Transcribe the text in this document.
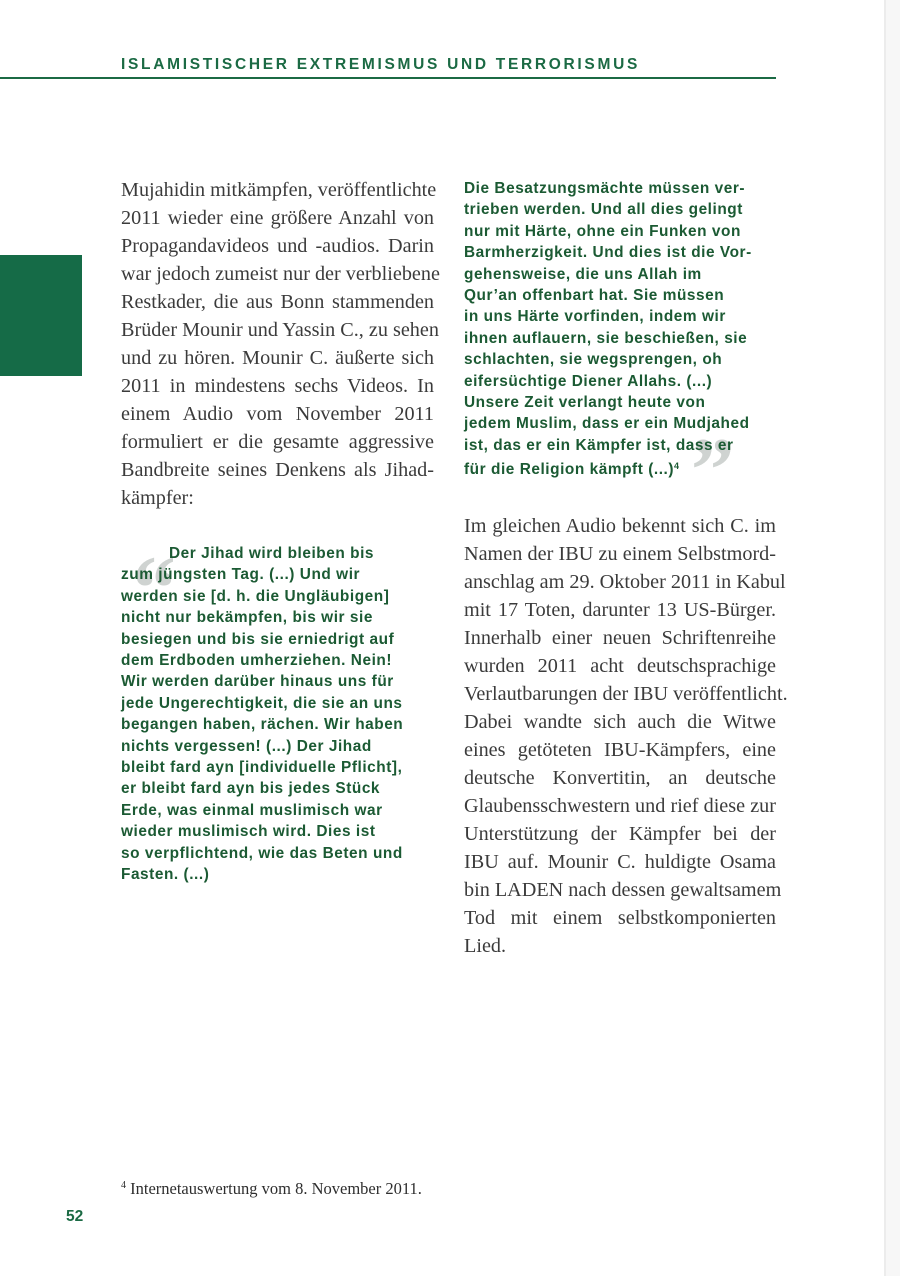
ISLAMISTISCHER EXTREMISMUS UND TERRORISMUS
Mujahidin mitkämpfen, veröffentlichte
2011 wieder eine größere Anzahl von
Propagandavideos und -audios. Darin
war jedoch zumeist nur der verbliebene
Restkader, die aus Bonn stammenden
Brüder Mounir und Yassin C., zu sehen
und zu hören. Mounir C. äußerte sich
2011 in mindestens sechs Videos. In
einem Audio vom November 2011
formuliert er die gesamte aggressive
Bandbreite seines Denkens als Jihad-
kämpfer:
“
Der Jihad wird bleiben bis
zum jüngsten Tag. (...) Und wir
werden sie [d. h. die Ungläubigen]
nicht nur bekämpfen, bis wir sie
besiegen und bis sie erniedrigt auf
dem Erdboden umherziehen. Nein!
Wir werden darüber hinaus uns für
jede Ungerechtigkeit, die sie an uns
begangen haben, rächen. Wir haben
nichts vergessen! (...) Der Jihad
bleibt fard ayn [individuelle Pflicht],
er bleibt fard ayn bis jedes Stück
Erde, was einmal muslimisch war
wieder muslimisch wird. Dies ist
so verpflichtend, wie das Beten und
Fasten. (...)
”
Die Besatzungsmächte müssen ver-
trieben werden. Und all dies gelingt
nur mit Härte, ohne ein Funken von
Barmherzigkeit. Und dies ist die Vor-
gehensweise, die uns Allah im
Qur’an offenbart hat. Sie müssen
in uns Härte vorfinden, indem wir
ihnen auflauern, sie beschießen, sie
schlachten, sie wegsprengen, oh
eifersüchtige Diener Allahs. (...)
Unsere Zeit verlangt heute von
jedem Muslim, dass er ein Mudjahed
ist, das er ein Kämpfer ist, dass er
für die Religion kämpft (...)$^4$
Im gleichen Audio bekennt sich C. im
Namen der IBU zu einem Selbstmord-
anschlag am 29. Oktober 2011 in Kabul
mit 17 Toten, darunter 13 US-Bürger.
Innerhalb einer neuen Schriftenreihe
wurden 2011 acht deutschsprachige
Verlautbarungen der IBU veröffentlicht.
Dabei wandte sich auch die Witwe
eines getöteten IBU-Kämpfers, eine
deutsche Konvertitin, an deutsche
Glaubensschwestern und rief diese zur
Unterstützung der Kämpfer bei der
IBU auf. Mounir C. huldigte Osama
bin LADEN nach dessen gewaltsamem
Tod mit einem selbstkomponierten
Lied.
$^4$ Internetauswertung vom 8. November 2011.
52
